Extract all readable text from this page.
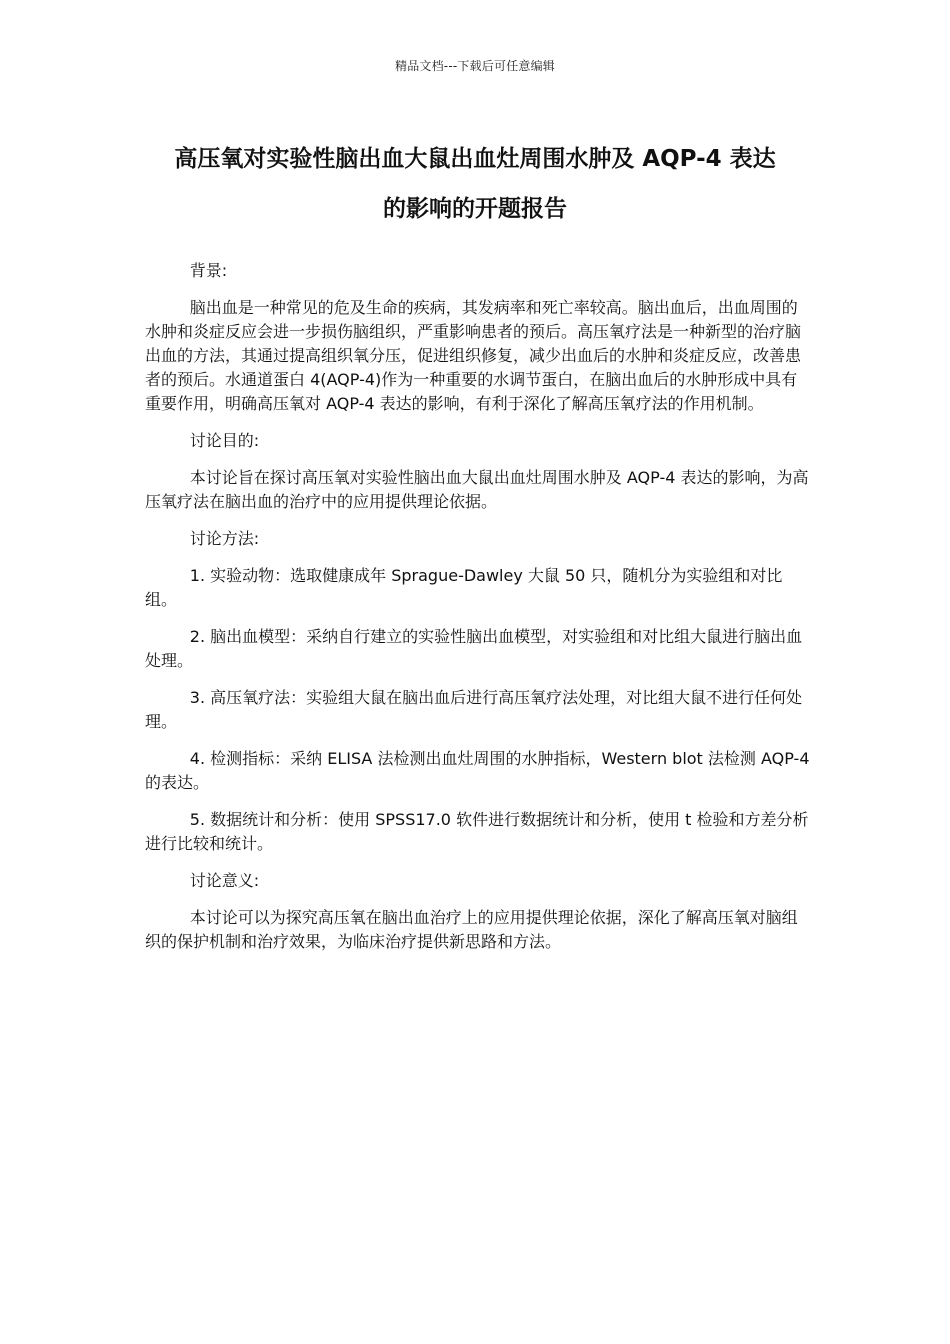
精品文档---下载后可任意编辑
高压氧对实验性脑出血大鼠出血灶周围水肿及 AQP-4 表达
的影响的开题报告

背景:

脑出血是一种常见的危及生命的疾病，其发病率和死亡率较高。脑出血后，出血周围的水肿和炎症反应会进一步损伤脑组织，严重影响患者的预后。高压氧疗法是一种新型的治疗脑出血的方法，其通过提高组织氧分压，促进组织修复，减少出血后的水肿和炎症反应，改善患者的预后。水通道蛋白 4(AQP-4)作为一种重要的水调节蛋白，在脑出血后的水肿形成中具有重要作用，明确高压氧对 AQP-4 表达的影响，有利于深化了解高压氧疗法的作用机制。

讨论目的:

本讨论旨在探讨高压氧对实验性脑出血大鼠出血灶周围水肿及 AQP-4 表达的影响，为高压氧疗法在脑出血的治疗中的应用提供理论依据。

讨论方法:

1. 实验动物：选取健康成年 Sprague-Dawley 大鼠 50 只，随机分为实验组和对比组。

2. 脑出血模型：采纳自行建立的实验性脑出血模型，对实验组和对比组大鼠进行脑出血处理。

3. 高压氧疗法：实验组大鼠在脑出血后进行高压氧疗法处理，对比组大鼠不进行任何处理。

4. 检测指标：采纳 ELISA 法检测出血灶周围的水肿指标，Western blot 法检测 AQP-4 的表达。

5. 数据统计和分析：使用 SPSS17.0 软件进行数据统计和分析，使用 t 检验和方差分析进行比较和统计。

讨论意义:

本讨论可以为探究高压氧在脑出血治疗上的应用提供理论依据，深化了解高压氧对脑组织的保护机制和治疗效果，为临床治疗提供新思路和方法。
